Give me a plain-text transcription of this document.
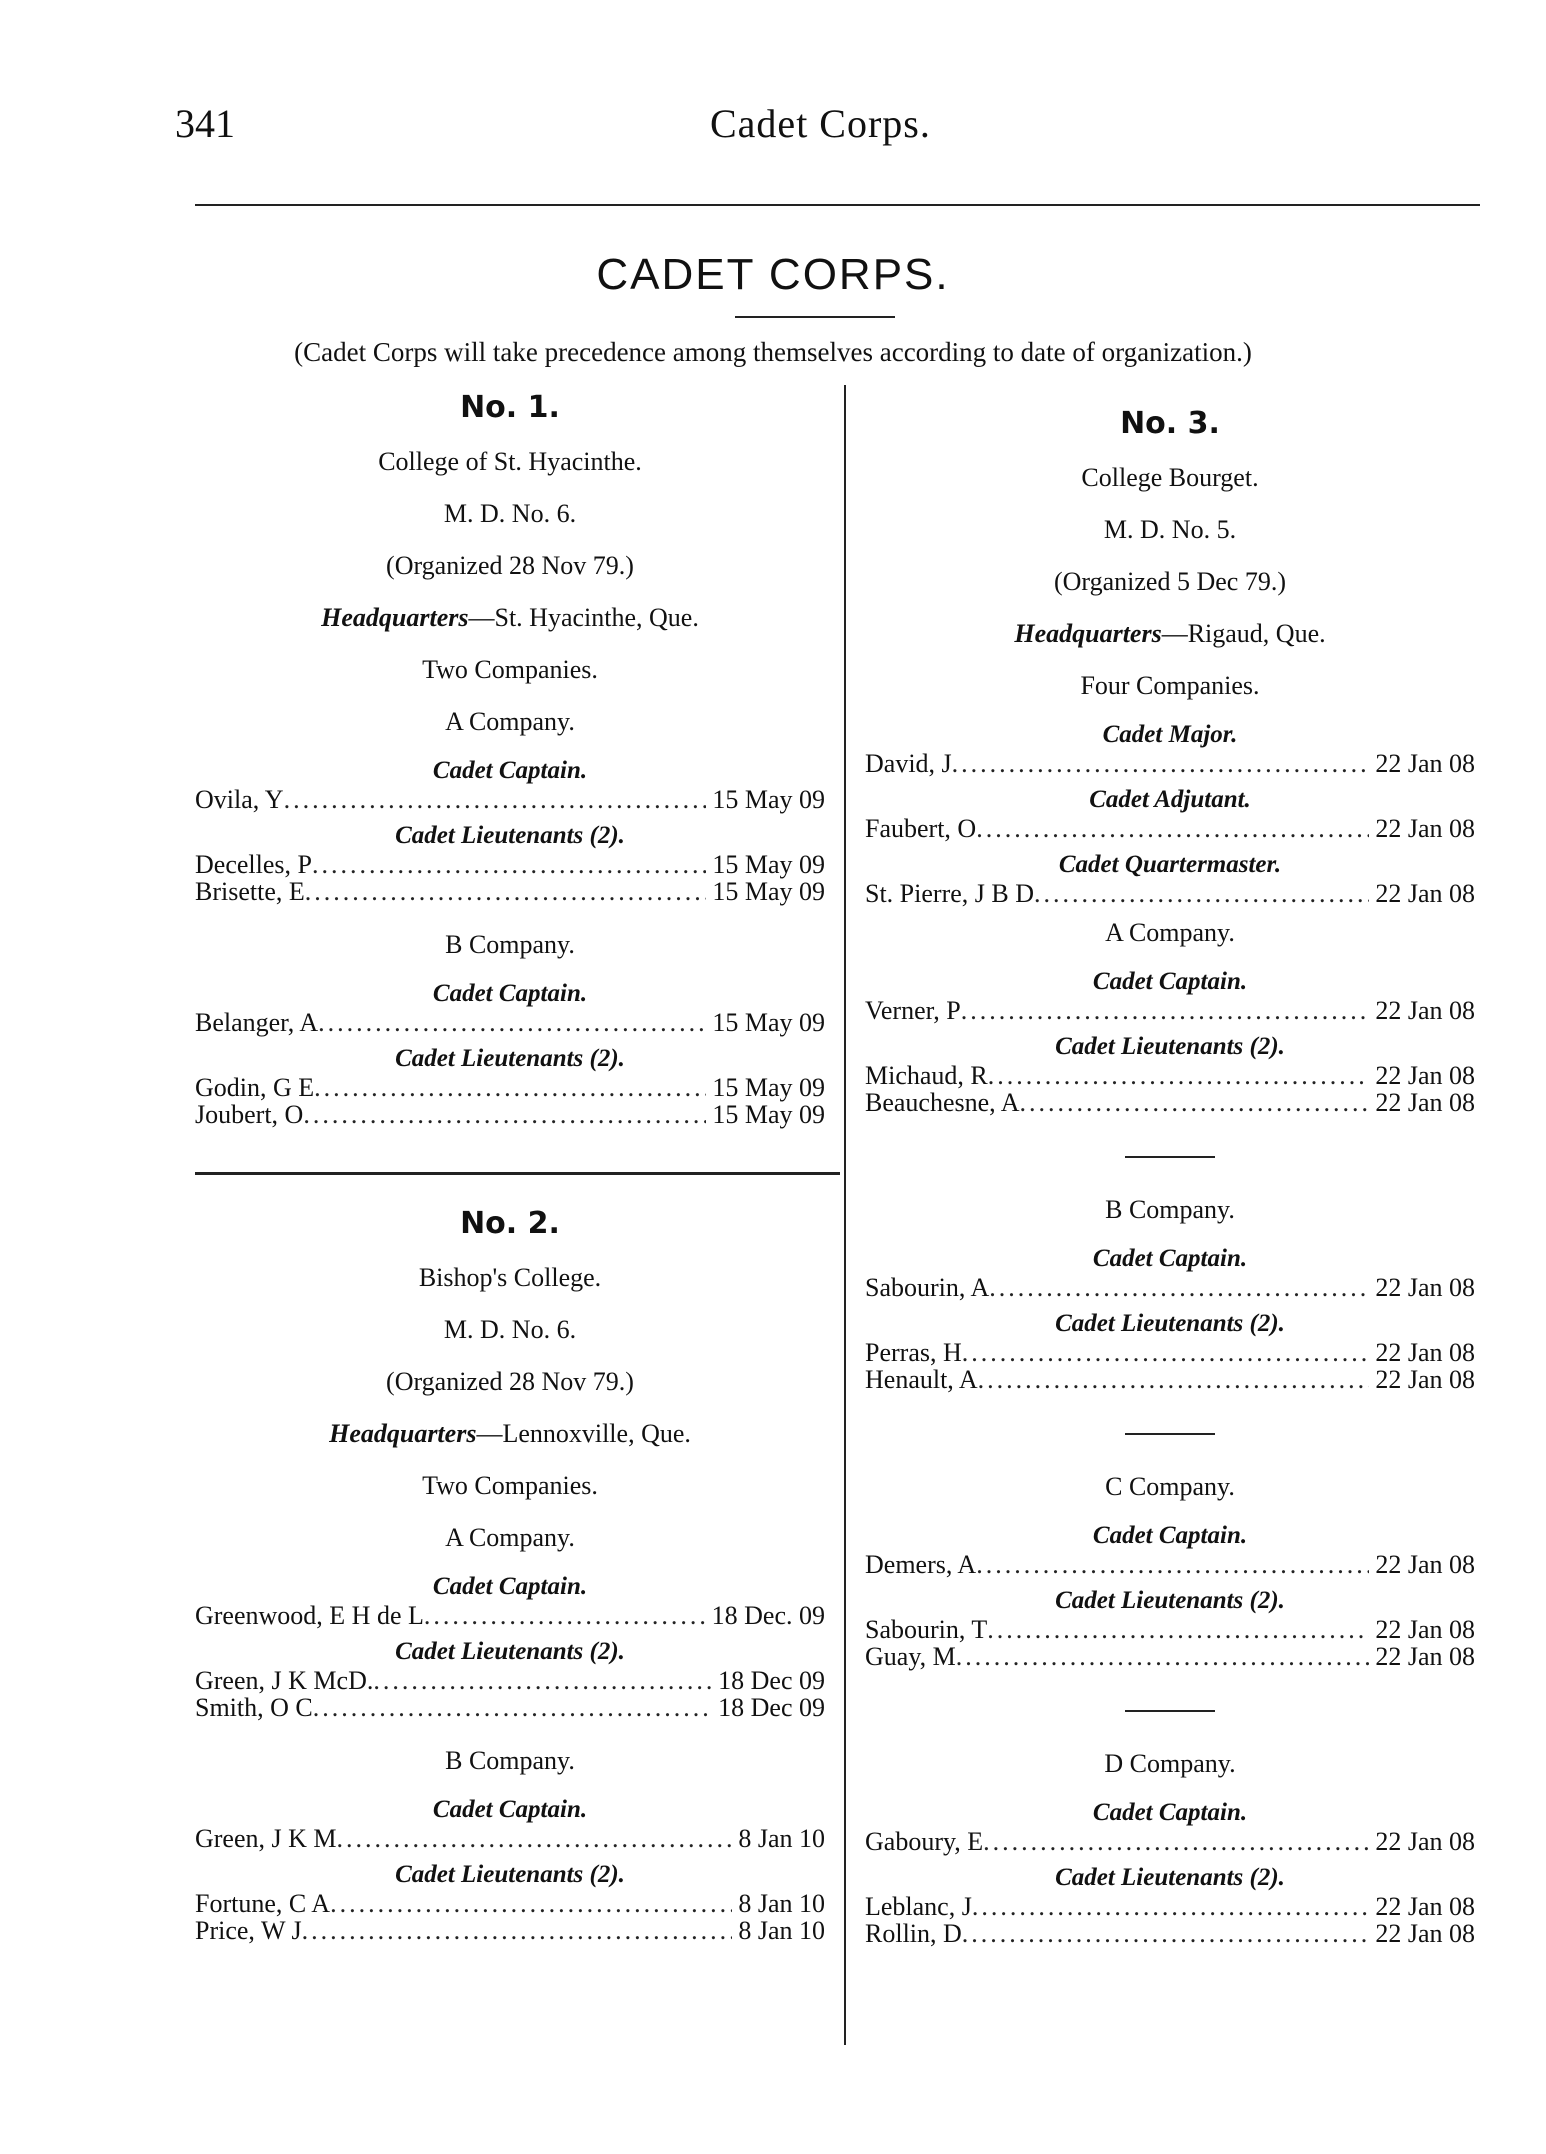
341	Cadet Corps.
CADET CORPS.
(Cadet Corps will take precedence among themselves according to date of organization.)
No. 1.
College of St. Hyacinthe.
M. D. No. 6.
(Organized 28 Nov 79.)
Headquarters—St. Hyacinthe, Que.
Two Companies.
A Company.
Cadet Captain.
Ovila, Y .....	15 May 09
Cadet Lieutenants (2).
Decelles, P .....	15 May 09
Brisette, E .....	15 May 09
B Company.
Cadet Captain.
Belanger, A .....	15 May 09
Cadet Lieutenants (2).
Godin, G E .....	15 May 09
Joubert, O .....	15 May 09
No. 2.
Bishop's College.
M. D. No. 6.
(Organized 28 Nov 79.)
Headquarters—Lennoxville, Que.
Two Companies.
A Company.
Cadet Captain.
Greenwood, E H de L .....	18 Dec. 09
Cadet Lieutenants (2).
Green, J K McD. .....	18 Dec 09
Smith, O C .....	18 Dec 09
B Company.
Cadet Captain.
Green, J K M .....	8 Jan 10
Cadet Lieutenants (2).
Fortune, C A .....	8 Jan 10
Price, W J .....	8 Jan 10
No. 3.
College Bourget.
M. D. No. 5.
(Organized 5 Dec 79.)
Headquarters—Rigaud, Que.
Four Companies.
Cadet Major.
David, J .....	22 Jan 08
Cadet Adjutant.
Faubert, O .....	22 Jan 08
Cadet Quartermaster.
St. Pierre, J B D .....	22 Jan 08
A Company.
Cadet Captain.
Verner, P .....	22 Jan 08
Cadet Lieutenants (2).
Michaud, R .....	22 Jan 08
Beauchesne, A .....	22 Jan 08
B Company.
Cadet Captain.
Sabourin, A .....	22 Jan 08
Cadet Lieutenants (2).
Perras, H .....	22 Jan 08
Henault, A .....	22 Jan 08
C Company.
Cadet Captain.
Demers, A .....	22 Jan 08
Cadet Lieutenants (2).
Sabourin, T .....	22 Jan 08
Guay, M .....	22 Jan 08
D Company.
Cadet Captain.
Gaboury, E .....	22 Jan 08
Cadet Lieutenants (2).
Leblanc, J .....	22 Jan 08
Rollin, D .....	22 Jan 08
